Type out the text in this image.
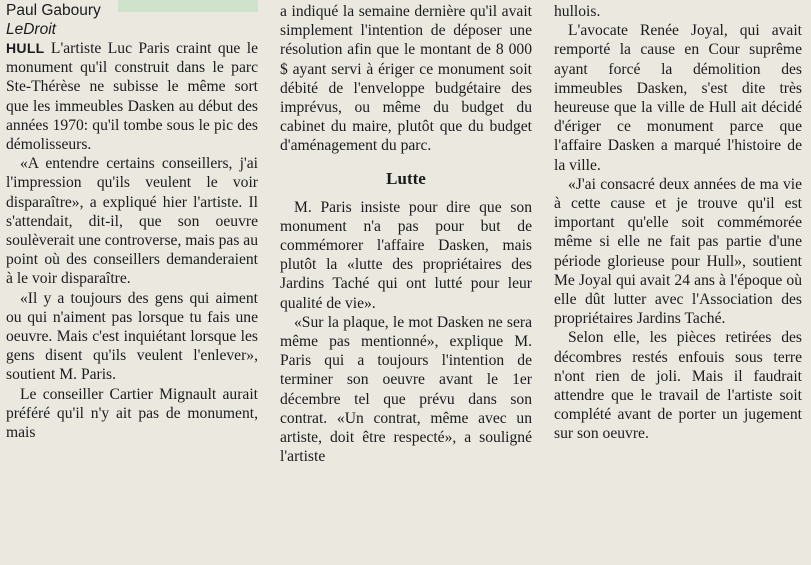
Paul Gaboury

LeDroit

HULL L'artiste Luc Paris craint que le monument qu'il construit dans le parc Ste-Thérèse ne subisse le même sort que les immeubles Dasken au début des années 1970: qu'il tombe sous le pic des démolisseurs.

«A entendre certains conseillers, j'ai l'impression qu'ils veulent le voir disparaître», a expliqué hier l'artiste. Il s'attendait, dit-il, que son oeuvre soulèverait une controverse, mais pas au point où des conseillers demanderaient à le voir disparaître.

«Il y a toujours des gens qui aiment ou qui n'aiment pas lorsque tu fais une oeuvre. Mais c'est inquiétant lorsque les gens disent qu'ils veulent l'enlever», soutient M. Paris.

Le conseiller Cartier Mignault aurait préféré qu'il n'y ait pas de monument, mais

a indiqué la semaine dernière qu'il avait simplement l'intention de déposer une résolution afin que le montant de 8 000 $ ayant servi à ériger ce monument soit débité de l'enveloppe budgétaire des imprévus, ou même du budget du cabinet du maire, plutôt que du budget d'aménagement du parc.

Lutte

M. Paris insiste pour dire que son monument n'a pas pour but de commémorer l'affaire Dasken, mais plutôt la «lutte des propriétaires des Jardins Taché qui ont lutté pour leur qualité de vie».

«Sur la plaque, le mot Dasken ne sera même pas mentionné», explique M. Paris qui a toujours l'intention de terminer son oeuvre avant le 1er décembre tel que prévu dans son contrat. «Un contrat, même avec un artiste, doit être respecté», a souligné l'artiste

hullois.

L'avocate Renée Joyal, qui avait remporté la cause en Cour suprême ayant forcé la démolition des immeubles Dasken, s'est dite très heureuse que la ville de Hull ait décidé d'ériger ce monument parce que l'affaire Dasken a marqué l'histoire de la ville.

«J'ai consacré deux années de ma vie à cette cause et je trouve qu'il est important qu'elle soit commémorée même si elle ne fait pas partie d'une période glorieuse pour Hull», soutient Me Joyal qui avait 24 ans à l'époque où elle dût lutter avec l'Association des propriétaires Jardins Taché.

Selon elle, les pièces retirées des décombres restés enfouis sous terre n'ont rien de joli. Mais il faudrait attendre que le travail de l'artiste soit complété avant de porter un jugement sur son oeuvre.
